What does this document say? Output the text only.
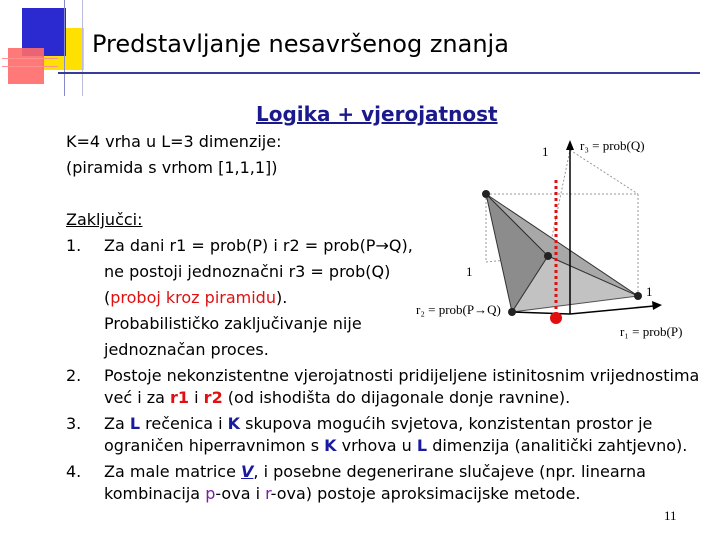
Predstavljanje nesavršenog znanja
Logika + vjerojatnost
K=4 vrha u L=3 dimenzije:
(piramida s vrhom [1,1,1])
Zaključci:
1. Za dani r1 = prob(P) i r2 = prob(P→Q),
ne postoji jednoznačni r3 = prob(Q)
(proboj kroz piramidu).
Probabilističko zaključivanje nije
jednoznačan proces.
2. Postoje nekonzistentne vjerojatnosti pridijeljene istinitosnim vrijednostima
već i za r1 i r2 (od ishodišta do dijagonale donje ravnine).
3. Za L rečenica i K skupova mogućih svjetova, konzistentan prostor je
ograničen hiperravnimon s K vrhova u L dimenzija (analitički zahtjevno).
4. Za male matrice V, i posebne degenerirane slučajeve (npr. linearna
kombinacija p-ova i r-ova) postoje aproksimacijske metode.
1 r₃ = prob(Q)
1
1
r₂ = prob(P→Q)
r₁ = prob(P)
11
